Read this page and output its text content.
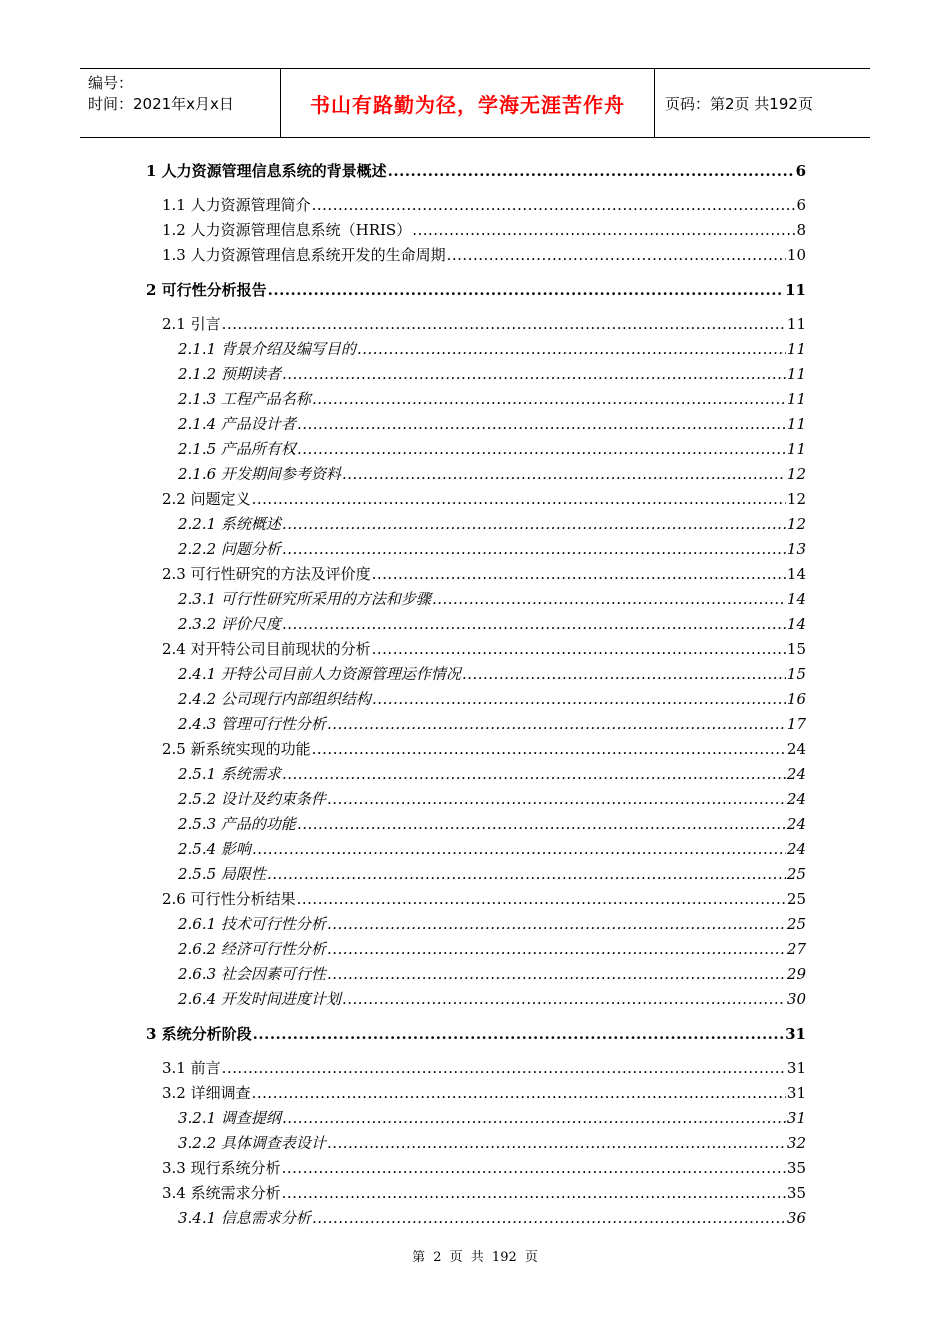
编号：
时间：2021年x月x日	书山有路勤为径，学海无涯苦作舟	页码：第2页 共192页
1 人力资源管理信息系统的背景概述 .....	6
1.1 人力资源管理简介 .....	6
1.2 人力资源管理信息系统（HRIS） .....	8
1.3 人力资源管理信息系统开发的生命周期 .....	10
2 可行性分析报告 .....	11
2.1 引言 .....	11
2.1.1 背景介绍及编写目的 .....	11
2.1.2 预期读者 .....	11
2.1.3 工程产品名称 .....	11
2.1.4 产品设计者 .....	11
2.1.5 产品所有权 .....	11
2.1.6 开发期间参考资料 .....	12
2.2 问题定义 .....	12
2.2.1 系统概述 .....	12
2.2.2 问题分析 .....	13
2.3 可行性研究的方法及评价度 .....	14
2.3.1 可行性研究所采用的方法和步骤 .....	14
2.3.2 评价尺度 .....	14
2.4 对开特公司目前现状的分析 .....	15
2.4.1 开特公司目前人力资源管理运作情况 .....	15
2.4.2 公司现行内部组织结构 .....	16
2.4.3 管理可行性分析 .....	17
2.5 新系统实现的功能 .....	24
2.5.1 系统需求 .....	24
2.5.2 设计及约束条件 .....	24
2.5.3 产品的功能 .....	24
2.5.4 影响 .....	24
2.5.5 局限性 .....	25
2.6 可行性分析结果 .....	25
2.6.1 技术可行性分析 .....	25
2.6.2 经济可行性分析 .....	27
2.6.3 社会因素可行性 .....	29
2.6.4 开发时间进度计划 .....	30
3 系统分析阶段 .....	31
3.1 前言 .....	31
3.2 详细调查 .....	31
3.2.1 调查提纲 .....	31
3.2.2 具体调查表设计 .....	32
3.3 现行系统分析 .....	35
3.4 系统需求分析 .....	35
3.4.1 信息需求分析 .....	36
第 2 页 共 192 页
